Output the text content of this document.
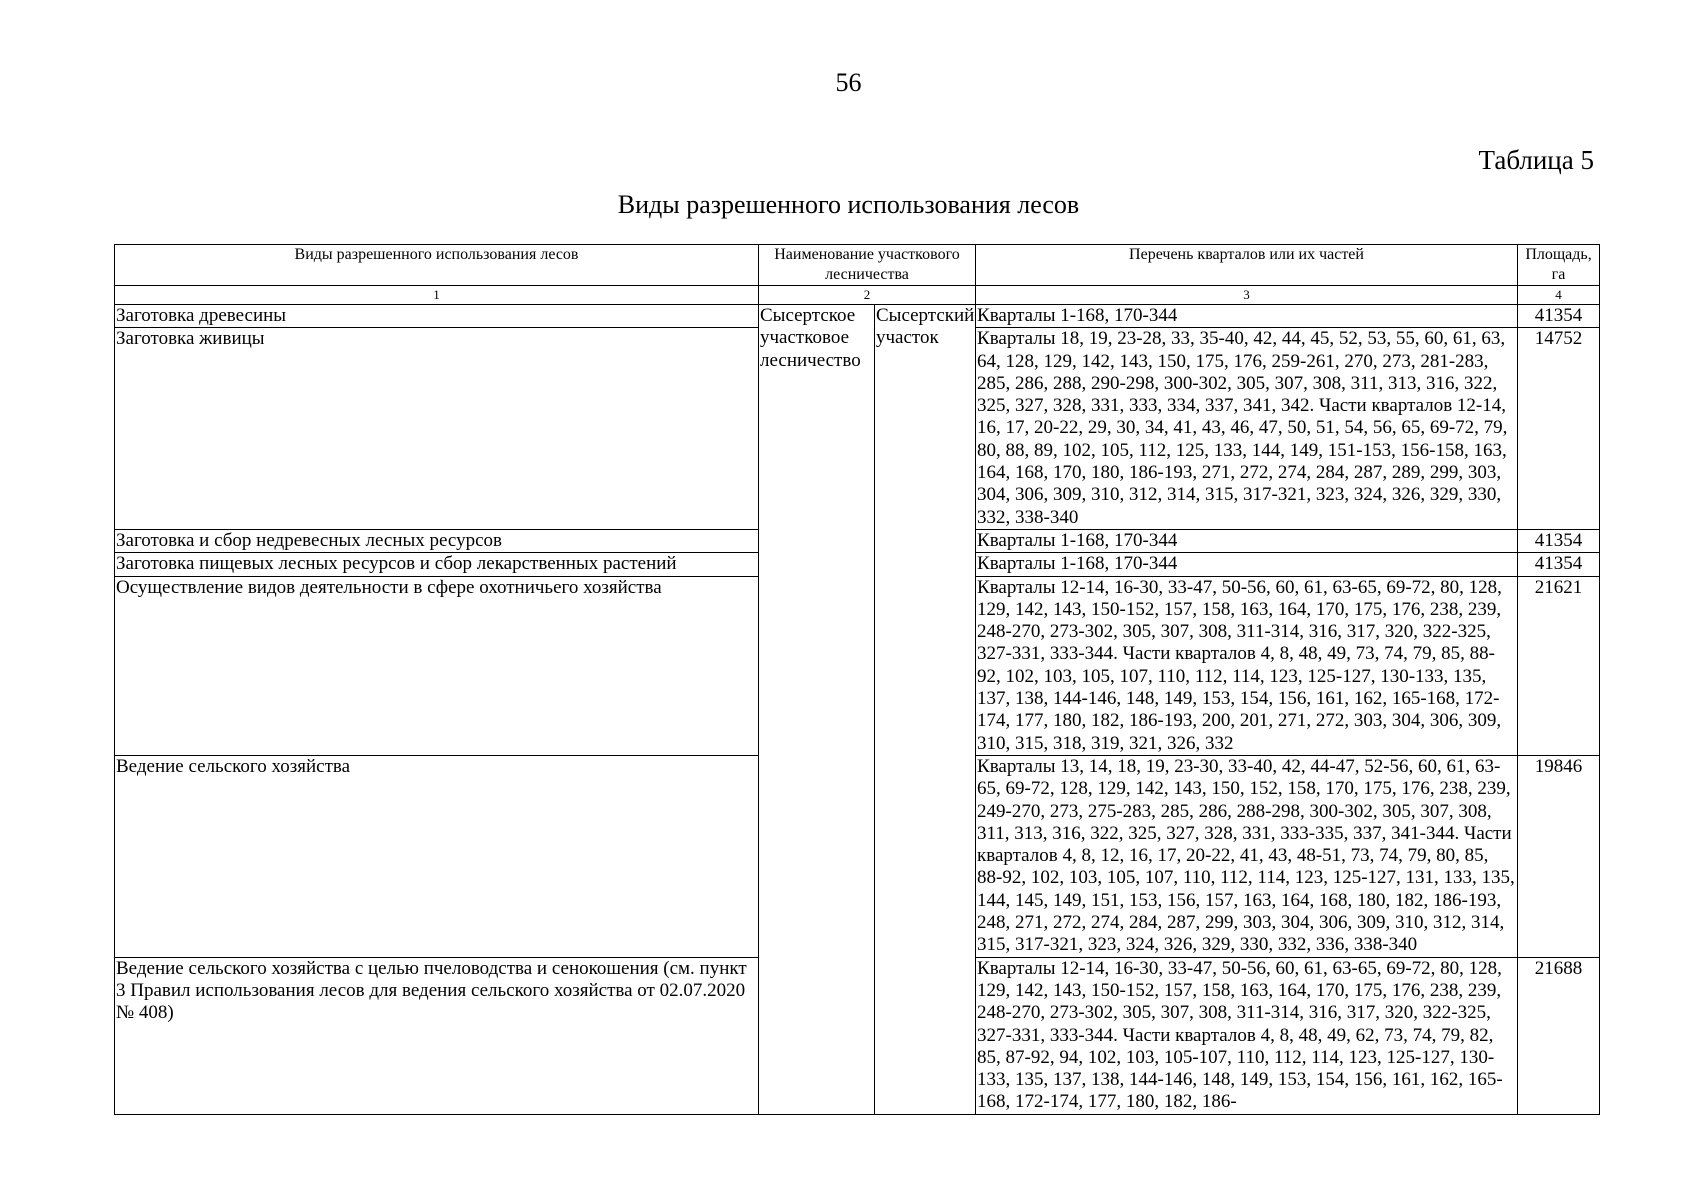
56
Таблица 5
Виды разрешенного использования лесов
Виды разрешенного использования лесов	Наименование участкового лесничества		Перечень кварталов или их частей	Площадь, га
1	2		3	4
Заготовка древесины	Сысертское участковое лесничество	Сысертский участок	Кварталы 1-168, 170-344	41354
Заготовка живицы			Кварталы 18, 19, 23-28, 33, 35-40, 42, 44, 45, 52, 53, 55, 60, 61, 63, 64, 128, 129, 142, 143, 150, 175, 176, 259-261, 270, 273, 281-283, 285, 286, 288, 290-298, 300-302, 305, 307, 308, 311, 313, 316, 322, 325, 327, 328, 331, 333, 334, 337, 341, 342. Части кварталов 12-14, 16, 17, 20-22, 29, 30, 34, 41, 43, 46, 47, 50, 51, 54, 56, 65, 69-72, 79, 80, 88, 89, 102, 105, 112, 125, 133, 144, 149, 151-153, 156-158, 163, 164, 168, 170, 180, 186-193, 271, 272, 274, 284, 287, 289, 299, 303, 304, 306, 309, 310, 312, 314, 315, 317-321, 323, 324, 326, 329, 330, 332, 338-340	14752
Заготовка и сбор недревесных лесных ресурсов			Кварталы 1-168, 170-344	41354
Заготовка пищевых лесных ресурсов и сбор лекарственных растений			Кварталы 1-168, 170-344	41354
Осуществление видов деятельности в сфере охотничьего хозяйства			Кварталы 12-14, 16-30, 33-47, 50-56, 60, 61, 63-65, 69-72, 80, 128, 129, 142, 143, 150-152, 157, 158, 163, 164, 170, 175, 176, 238, 239, 248-270, 273-302, 305, 307, 308, 311-314, 316, 317, 320, 322-325, 327-331, 333-344. Части кварталов 4, 8, 48, 49, 73, 74, 79, 85, 88-92, 102, 103, 105, 107, 110, 112, 114, 123, 125-127, 130-133, 135, 137, 138, 144-146, 148, 149, 153, 154, 156, 161, 162, 165-168, 172-174, 177, 180, 182, 186-193, 200, 201, 271, 272, 303, 304, 306, 309, 310, 315, 318, 319, 321, 326, 332	21621
Ведение сельского хозяйства			Кварталы 13, 14, 18, 19, 23-30, 33-40, 42, 44-47, 52-56, 60, 61, 63-65, 69-72, 128, 129, 142, 143, 150, 152, 158, 170, 175, 176, 238, 239, 249-270, 273, 275-283, 285, 286, 288-298, 300-302, 305, 307, 308, 311, 313, 316, 322, 325, 327, 328, 331, 333-335, 337, 341-344. Части кварталов 4, 8, 12, 16, 17, 20-22, 41, 43, 48-51, 73, 74, 79, 80, 85, 88-92, 102, 103, 105, 107, 110, 112, 114, 123, 125-127, 131, 133, 135, 144, 145, 149, 151, 153, 156, 157, 163, 164, 168, 180, 182, 186-193, 248, 271, 272, 274, 284, 287, 299, 303, 304, 306, 309, 310, 312, 314, 315, 317-321, 323, 324, 326, 329, 330, 332, 336, 338-340	19846
Ведение сельского хозяйства с целью пчеловодства и сенокошения (см. пункт 3 Правил использования лесов для ведения сельского хозяйства от 02.07.2020 № 408)			Кварталы 12-14, 16-30, 33-47, 50-56, 60, 61, 63-65, 69-72, 80, 128, 129, 142, 143, 150-152, 157, 158, 163, 164, 170, 175, 176, 238, 239, 248-270, 273-302, 305, 307, 308, 311-314, 316, 317, 320, 322-325, 327-331, 333-344. Части кварталов 4, 8, 48, 49, 62, 73, 74, 79, 82, 85, 87-92, 94, 102, 103, 105-107, 110, 112, 114, 123, 125-127, 130-133, 135, 137, 138, 144-146, 148, 149, 153, 154, 156, 161, 162, 165-168, 172-174, 177, 180, 182, 186-	21688
